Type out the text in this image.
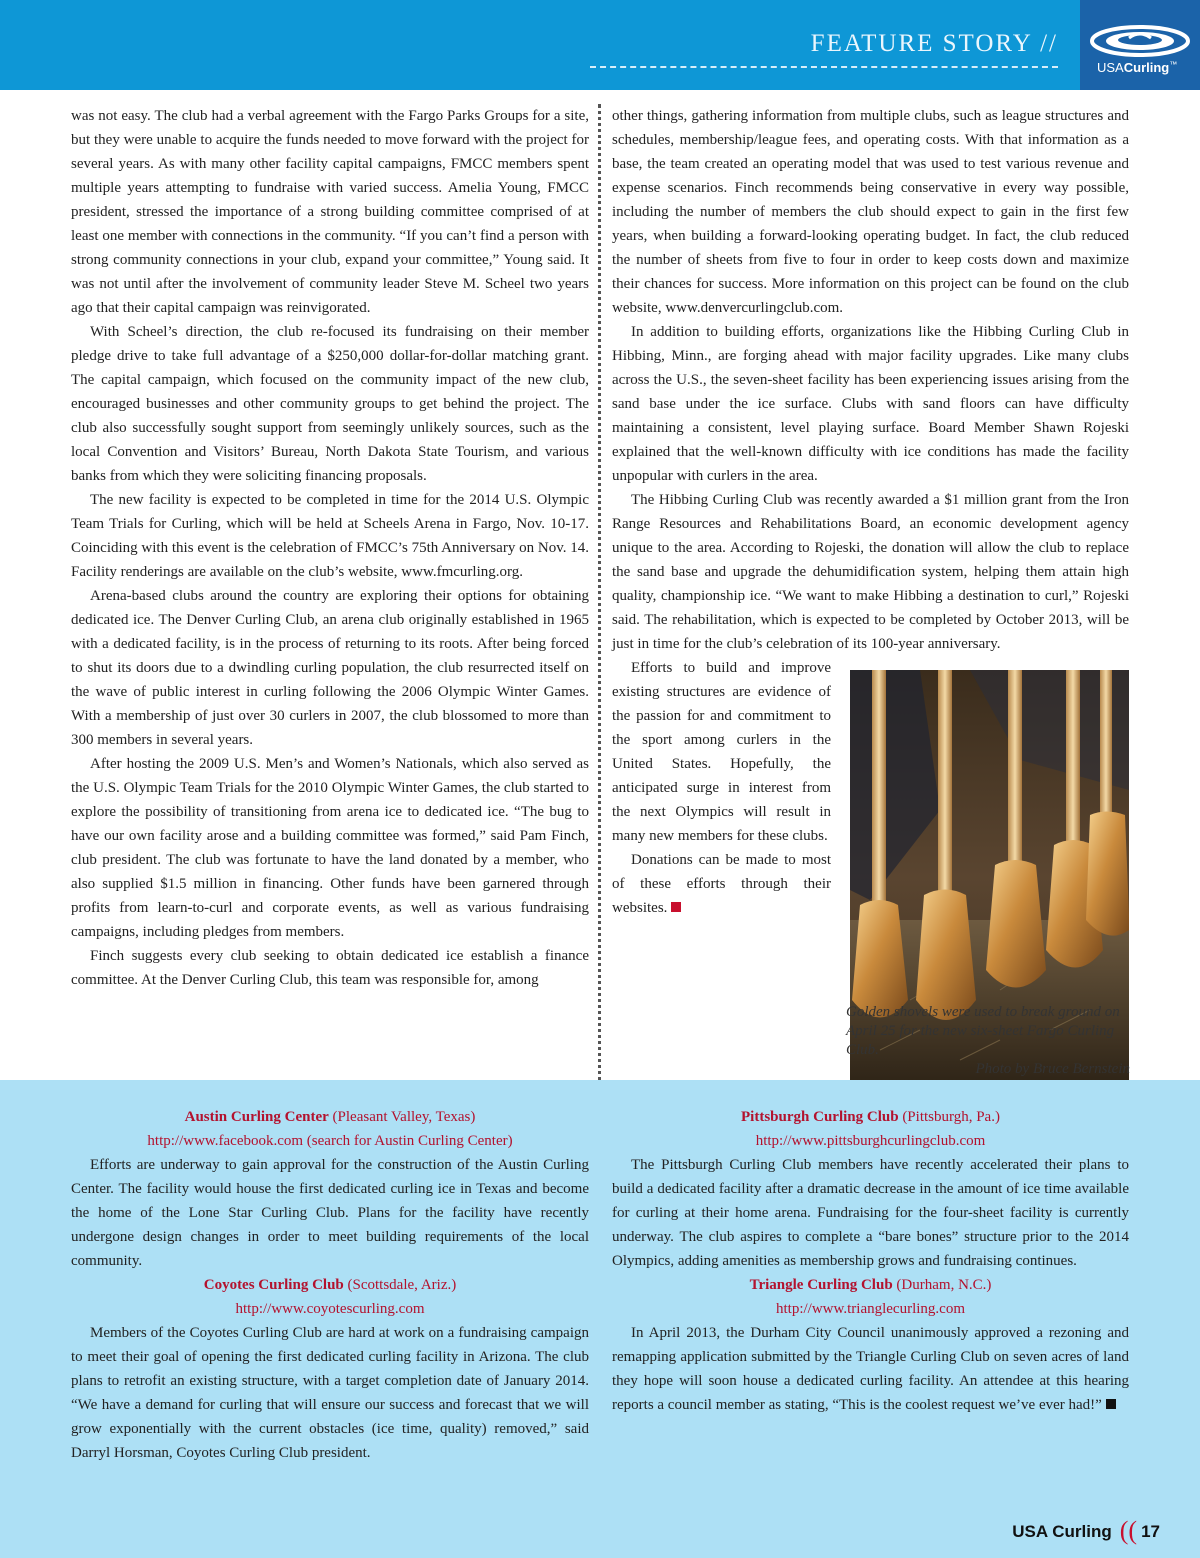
FEATURE STORY //
USACurling™

was not easy. The club had a verbal agreement with the Fargo Parks Groups for a site, but they were unable to acquire the funds needed to move forward with the project for several years. As with many other facility capital campaigns, FMCC members spent multiple years attempting to fundraise with varied success. Amelia Young, FMCC president, stressed the importance of a strong building committee comprised of at least one member with connections in the community. “If you can’t find a person with strong community connections in your club, expand your committee,” Young said. It was not until after the involvement of community leader Steve M. Scheel two years ago that their capital campaign was reinvigorated.

With Scheel’s direction, the club re-focused its fundraising on their member pledge drive to take full advantage of a $250,000 dollar-for-dollar matching grant. The capital campaign, which focused on the community impact of the new club, encouraged businesses and other community groups to get behind the project. The club also successfully sought support from seemingly unlikely sources, such as the local Convention and Visitors’ Bureau, North Dakota State Tourism, and various banks from which they were soliciting financing proposals.

The new facility is expected to be completed in time for the 2014 U.S. Olympic Team Trials for Curling, which will be held at Scheels Arena in Fargo, Nov. 10-17. Coinciding with this event is the celebration of FMCC’s 75th Anniversary on Nov. 14. Facility renderings are available on the club’s website, www.fmcurling.org.

Arena-based clubs around the country are exploring their options for obtaining dedicated ice. The Denver Curling Club, an arena club originally established in 1965 with a dedicated facility, is in the process of returning to its roots. After being forced to shut its doors due to a dwindling curling population, the club resurrected itself on the wave of public interest in curling following the 2006 Olympic Winter Games. With a membership of just over 30 curlers in 2007, the club blossomed to more than 300 members in several years.

After hosting the 2009 U.S. Men’s and Women’s Nationals, which also served as the U.S. Olympic Team Trials for the 2010 Olympic Winter Games, the club started to explore the possibility of transitioning from arena ice to dedicated ice. “The bug to have our own facility arose and a building committee was formed,” said Pam Finch, club president. The club was fortunate to have the land donated by a member, who also supplied $1.5 million in financing. Other funds have been garnered through profits from learn-to-curl and corporate events, as well as various fundraising campaigns, including pledges from members.

Finch suggests every club seeking to obtain dedicated ice establish a finance committee. At the Denver Curling Club, this team was responsible for, among

other things, gathering information from multiple clubs, such as league structures and schedules, membership/league fees, and operating costs. With that information as a base, the team created an operating model that was used to test various revenue and expense scenarios. Finch recommends being conservative in every way possible, including the number of members the club should expect to gain in the first few years, when building a forward-looking operating budget. In fact, the club reduced the number of sheets from five to four in order to keep costs down and maximize their chances for success. More information on this project can be found on the club website, www.denvercurlingclub.com.

In addition to building efforts, organizations like the Hibbing Curling Club in Hibbing, Minn., are forging ahead with major facility upgrades. Like many clubs across the U.S., the seven-sheet facility has been experiencing issues arising from the sand base under the ice surface. Clubs with sand floors can have difficulty maintaining a consistent, level playing surface. Board Member Shawn Rojeski explained that the well-known difficulty with ice conditions has made the facility unpopular with curlers in the area.

The Hibbing Curling Club was recently awarded a $1 million grant from the Iron Range Resources and Rehabilitations Board, an economic development agency unique to the area. According to Rojeski, the donation will allow the club to replace the sand base and upgrade the dehumidification system, helping them attain high quality, championship ice. “We want to make Hibbing a destination to curl,” Rojeski said. The rehabilitation, which is expected to be completed by October 2013, will be just in time for the club’s celebration of its 100-year anniversary.

Efforts to build and improve existing structures are evidence of the passion for and commitment to the sport among curlers in the United States. Hopefully, the anticipated surge in interest from the next Olympics will result in many new members for these clubs.

Donations can be made to most of these efforts through their websites.

Golden shovels were used to break ground on April 25 for the new six-sheet Fargo Curling Club.
Photo by Bruce Bernstein

Austin Curling Center (Pleasant Valley, Texas)

http://www.facebook.com (search for Austin Curling Center)

Efforts are underway to gain approval for the construction of the Austin Curling Center. The facility would house the first dedicated curling ice in Texas and become the home of the Lone Star Curling Club. Plans for the facility have recently undergone design changes in order to meet building requirements of the local community.

Coyotes Curling Club (Scottsdale, Ariz.)

http://www.coyotescurling.com

Members of the Coyotes Curling Club are hard at work on a fundraising campaign to meet their goal of opening the first dedicated curling facility in Arizona. The club plans to retrofit an existing structure, with a target completion date of January 2014. “We have a demand for curling that will ensure our success and forecast that we will grow exponentially with the current obstacles (ice time, quality) removed,” said Darryl Horsman, Coyotes Curling Club president.

Pittsburgh Curling Club (Pittsburgh, Pa.)

http://www.pittsburghcurlingclub.com

The Pittsburgh Curling Club members have recently accelerated their plans to build a dedicated facility after a dramatic decrease in the amount of ice time available for curling at their home arena. Fundraising for the four-sheet facility is currently underway. The club aspires to complete a “bare bones” structure prior to the 2014 Olympics, adding amenities as membership grows and fundraising continues.

Triangle Curling Club (Durham, N.C.)

http://www.trianglecurling.com

In April 2013, the Durham City Council unanimously approved a rezoning and remapping application submitted by the Triangle Curling Club on seven acres of land they hope will soon house a dedicated curling facility. An attendee at this hearing reports a council member as stating, “This is the coolest request we’ve ever had!”

USA Curling (( 17
